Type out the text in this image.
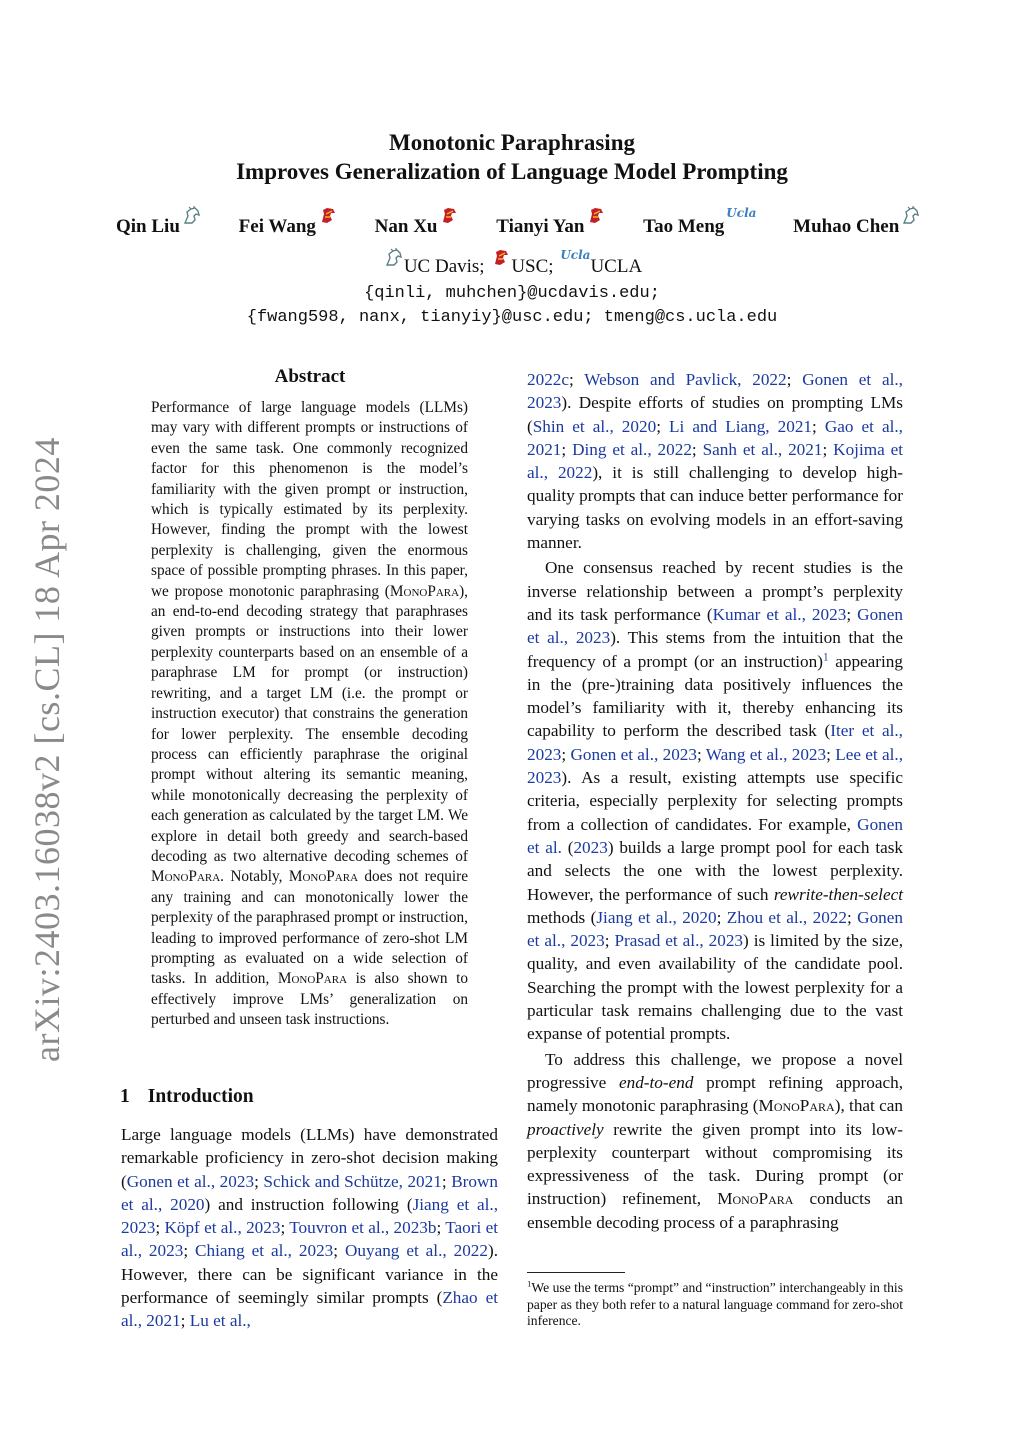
arXiv:2403.16038v2 [cs.CL] 18 Apr 2024
Monotonic Paraphrasing
Improves Generalization of Language Model Prompting
Qin Liu	Fei Wang	Nan Xu	Tianyi Yan	Tao MengUcla Muhao Chen
UC Davis; USC; UclaUCLA
{qinli, muhchen}@ucdavis.edu;
{fwang598, nanx, tianyiy}@usc.edu; tmeng@cs.ucla.edu
Abstract
Performance of large language models (LLMs) may vary with different prompts or instructions of even the same task. One commonly recognized factor for this phenomenon is the model’s familiarity with the given prompt or instruction, which is typically estimated by its perplexity. However, finding the prompt with the lowest perplexity is challenging, given the enormous space of possible prompting phrases. In this paper, we propose monotonic paraphrasing (MonoPara), an end-to-end decoding strategy that paraphrases given prompts or instructions into their lower perplexity counterparts based on an ensemble of a paraphrase LM for prompt (or instruction) rewriting, and a target LM (i.e. the prompt or instruction executor) that constrains the generation for lower perplexity. The ensemble decoding process can efficiently paraphrase the original prompt without altering its semantic meaning, while monotonically decreasing the perplexity of each generation as calculated by the target LM. We explore in detail both greedy and search-based decoding as two alternative decoding schemes of MonoPara. Notably, MonoPara does not require any training and can monotonically lower the perplexity of the paraphrased prompt or instruction, leading to improved performance of zero-shot LM prompting as evaluated on a wide selection of tasks. In addition, MonoPara is also shown to effectively improve LMs’ generalization on perturbed and unseen task instructions.
1 Introduction
Large language models (LLMs) have demonstrated remarkable proficiency in zero-shot decision making (Gonen et al., 2023; Schick and Schütze, 2021; Brown et al., 2020) and instruction following (Jiang et al., 2023; Köpf et al., 2023; Touvron et al., 2023b; Taori et al., 2023; Chiang et al., 2023; Ouyang et al., 2022). However, there can be significant variance in the performance of seemingly similar prompts (Zhao et al., 2021; Lu et al.,

2022c; Webson and Pavlick, 2022; Gonen et al., 2023). Despite efforts of studies on prompting LMs (Shin et al., 2020; Li and Liang, 2021; Gao et al., 2021; Ding et al., 2022; Sanh et al., 2021; Kojima et al., 2022), it is still challenging to develop high-quality prompts that can induce better performance for varying tasks on evolving models in an effort-saving manner.

One consensus reached by recent studies is the inverse relationship between a prompt’s perplexity and its task performance (Kumar et al., 2023; Gonen et al., 2023). This stems from the intuition that the frequency of a prompt (or an instruction)$^1$ appearing in the (pre-)training data positively influences the model’s familiarity with it, thereby enhancing its capability to perform the described task (Iter et al., 2023; Gonen et al., 2023; Wang et al., 2023; Lee et al., 2023). As a result, existing attempts use specific criteria, especially perplexity for selecting prompts from a collection of candidates. For example, Gonen et al. (2023) builds a large prompt pool for each task and selects the one with the lowest perplexity. However, the performance of such rewrite-then-select methods (Jiang et al., 2020; Zhou et al., 2022; Gonen et al., 2023; Prasad et al., 2023) is limited by the size, quality, and even availability of the candidate pool. Searching the prompt with the lowest perplexity for a particular task remains challenging due to the vast expanse of potential prompts.

To address this challenge, we propose a novel progressive end-to-end prompt refining approach, namely monotonic paraphrasing (MonoPara), that can proactively rewrite the given prompt into its low-perplexity counterpart without compromising its expressiveness of the task. During prompt (or instruction) refinement, MonoPara conducts an ensemble decoding process of a paraphrasing

$^1$We use the terms “prompt” and “instruction” interchangeably in this paper as they both refer to a natural language command for zero-shot inference.
